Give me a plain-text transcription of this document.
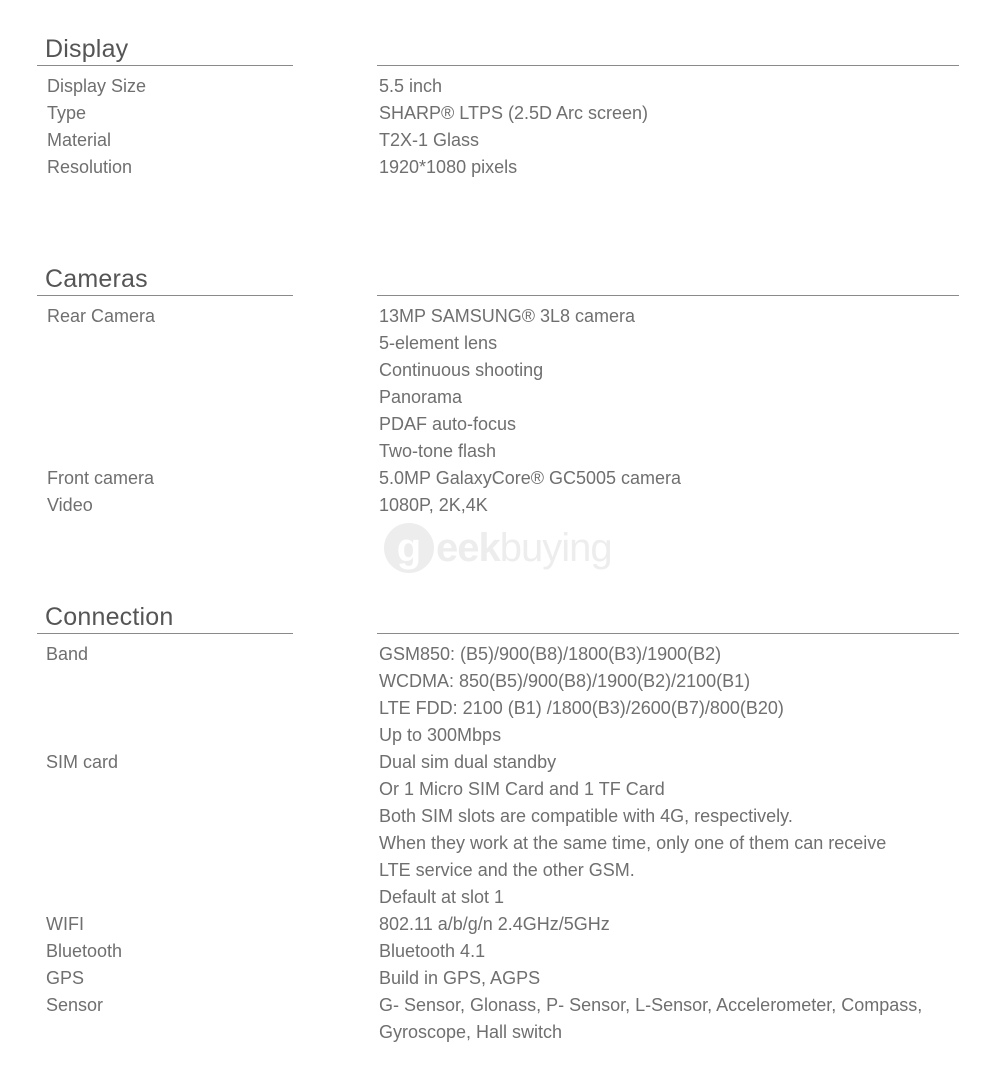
Display
Display Size	5.5 inch
Type	SHARP® LTPS (2.5D Arc screen)
Material	T2X-1 Glass
Resolution	1920*1080 pixels
Cameras
Rear Camera	13MP SAMSUNG® 3L8 camera
5-element lens
Continuous shooting
Panorama
PDAF auto-focus
Two-tone flash
Front camera	5.0MP GalaxyCore® GC5005 camera
Video	1080P, 2K,4K
g eekbuying
Connection
Band	GSM850: (B5)/900(B8)/1800(B3)/1900(B2)
WCDMA: 850(B5)/900(B8)/1900(B2)/2100(B1)
LTE FDD: 2100 (B1) /1800(B3)/2600(B7)/800(B20)
Up to 300Mbps
SIM card	Dual sim dual standby
Or 1 Micro SIM Card and 1 TF Card
Both SIM slots are compatible with 4G, respectively.
When they work at the same time, only one of them can receive
LTE service and the other GSM.
Default at slot 1
WIFI	802.11 a/b/g/n 2.4GHz/5GHz
Bluetooth	Bluetooth 4.1
GPS	Build in GPS, AGPS
Sensor	G- Sensor, Glonass, P- Sensor, L-Sensor, Accelerometer, Compass,
Gyroscope, Hall switch
